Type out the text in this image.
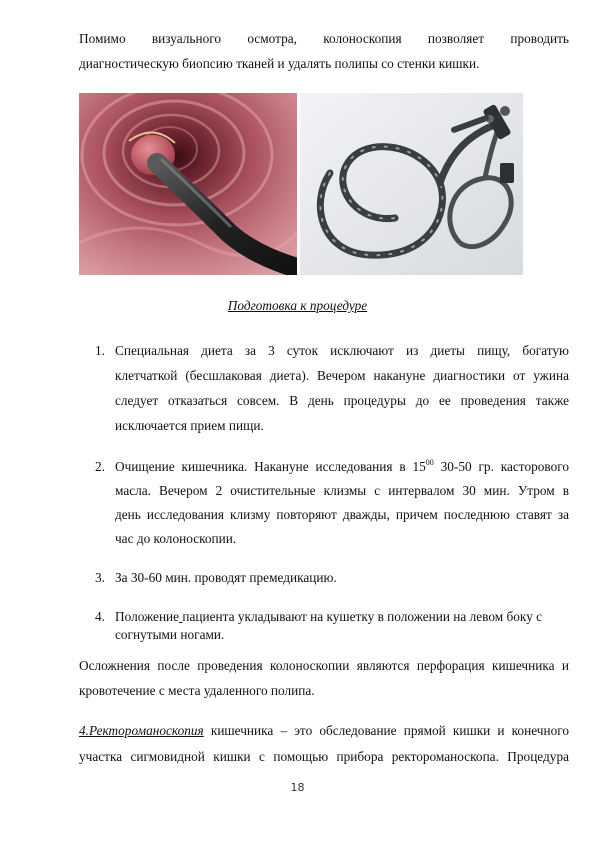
Помимо визуального осмотра, колоноскопия позволяет проводить
диагностическую биопсию тканей и удалять полипы со стенки кишки.
Подготовка к процедуре
1. Специальная диета за 3 суток исключают из диеты пищу, богатую
клетчаткой (бесшлаковая диета). Вечером накануне диагностики от ужина
следует отказаться совсем. В день процедуры до ее проведения также
исключается прием пищи.
2. Очищение кишечника. Накануне исследования в $15^{00}$ 30-50 гр. касторового
масла. Вечером 2 очистительные клизмы с интервалом 30 мин. Утром в
день исследования клизму повторяют дважды, причем последнюю ставят за
час до колоноскопии.
3. За 30-60 мин. проводят премедикацию.
4. Положение пациента укладывают на кушетку в положении на левом боку с
согнутыми ногами.
Осложнения после проведения колоноскопии являются перфорация кишечника и
кровотечение с места удаленного полипа.
4.Ректороманоскопия кишечника – это обследование прямой кишки и конечного
участка сигмовидной кишки с помощью прибора ректороманоскопа. Процедура
18
